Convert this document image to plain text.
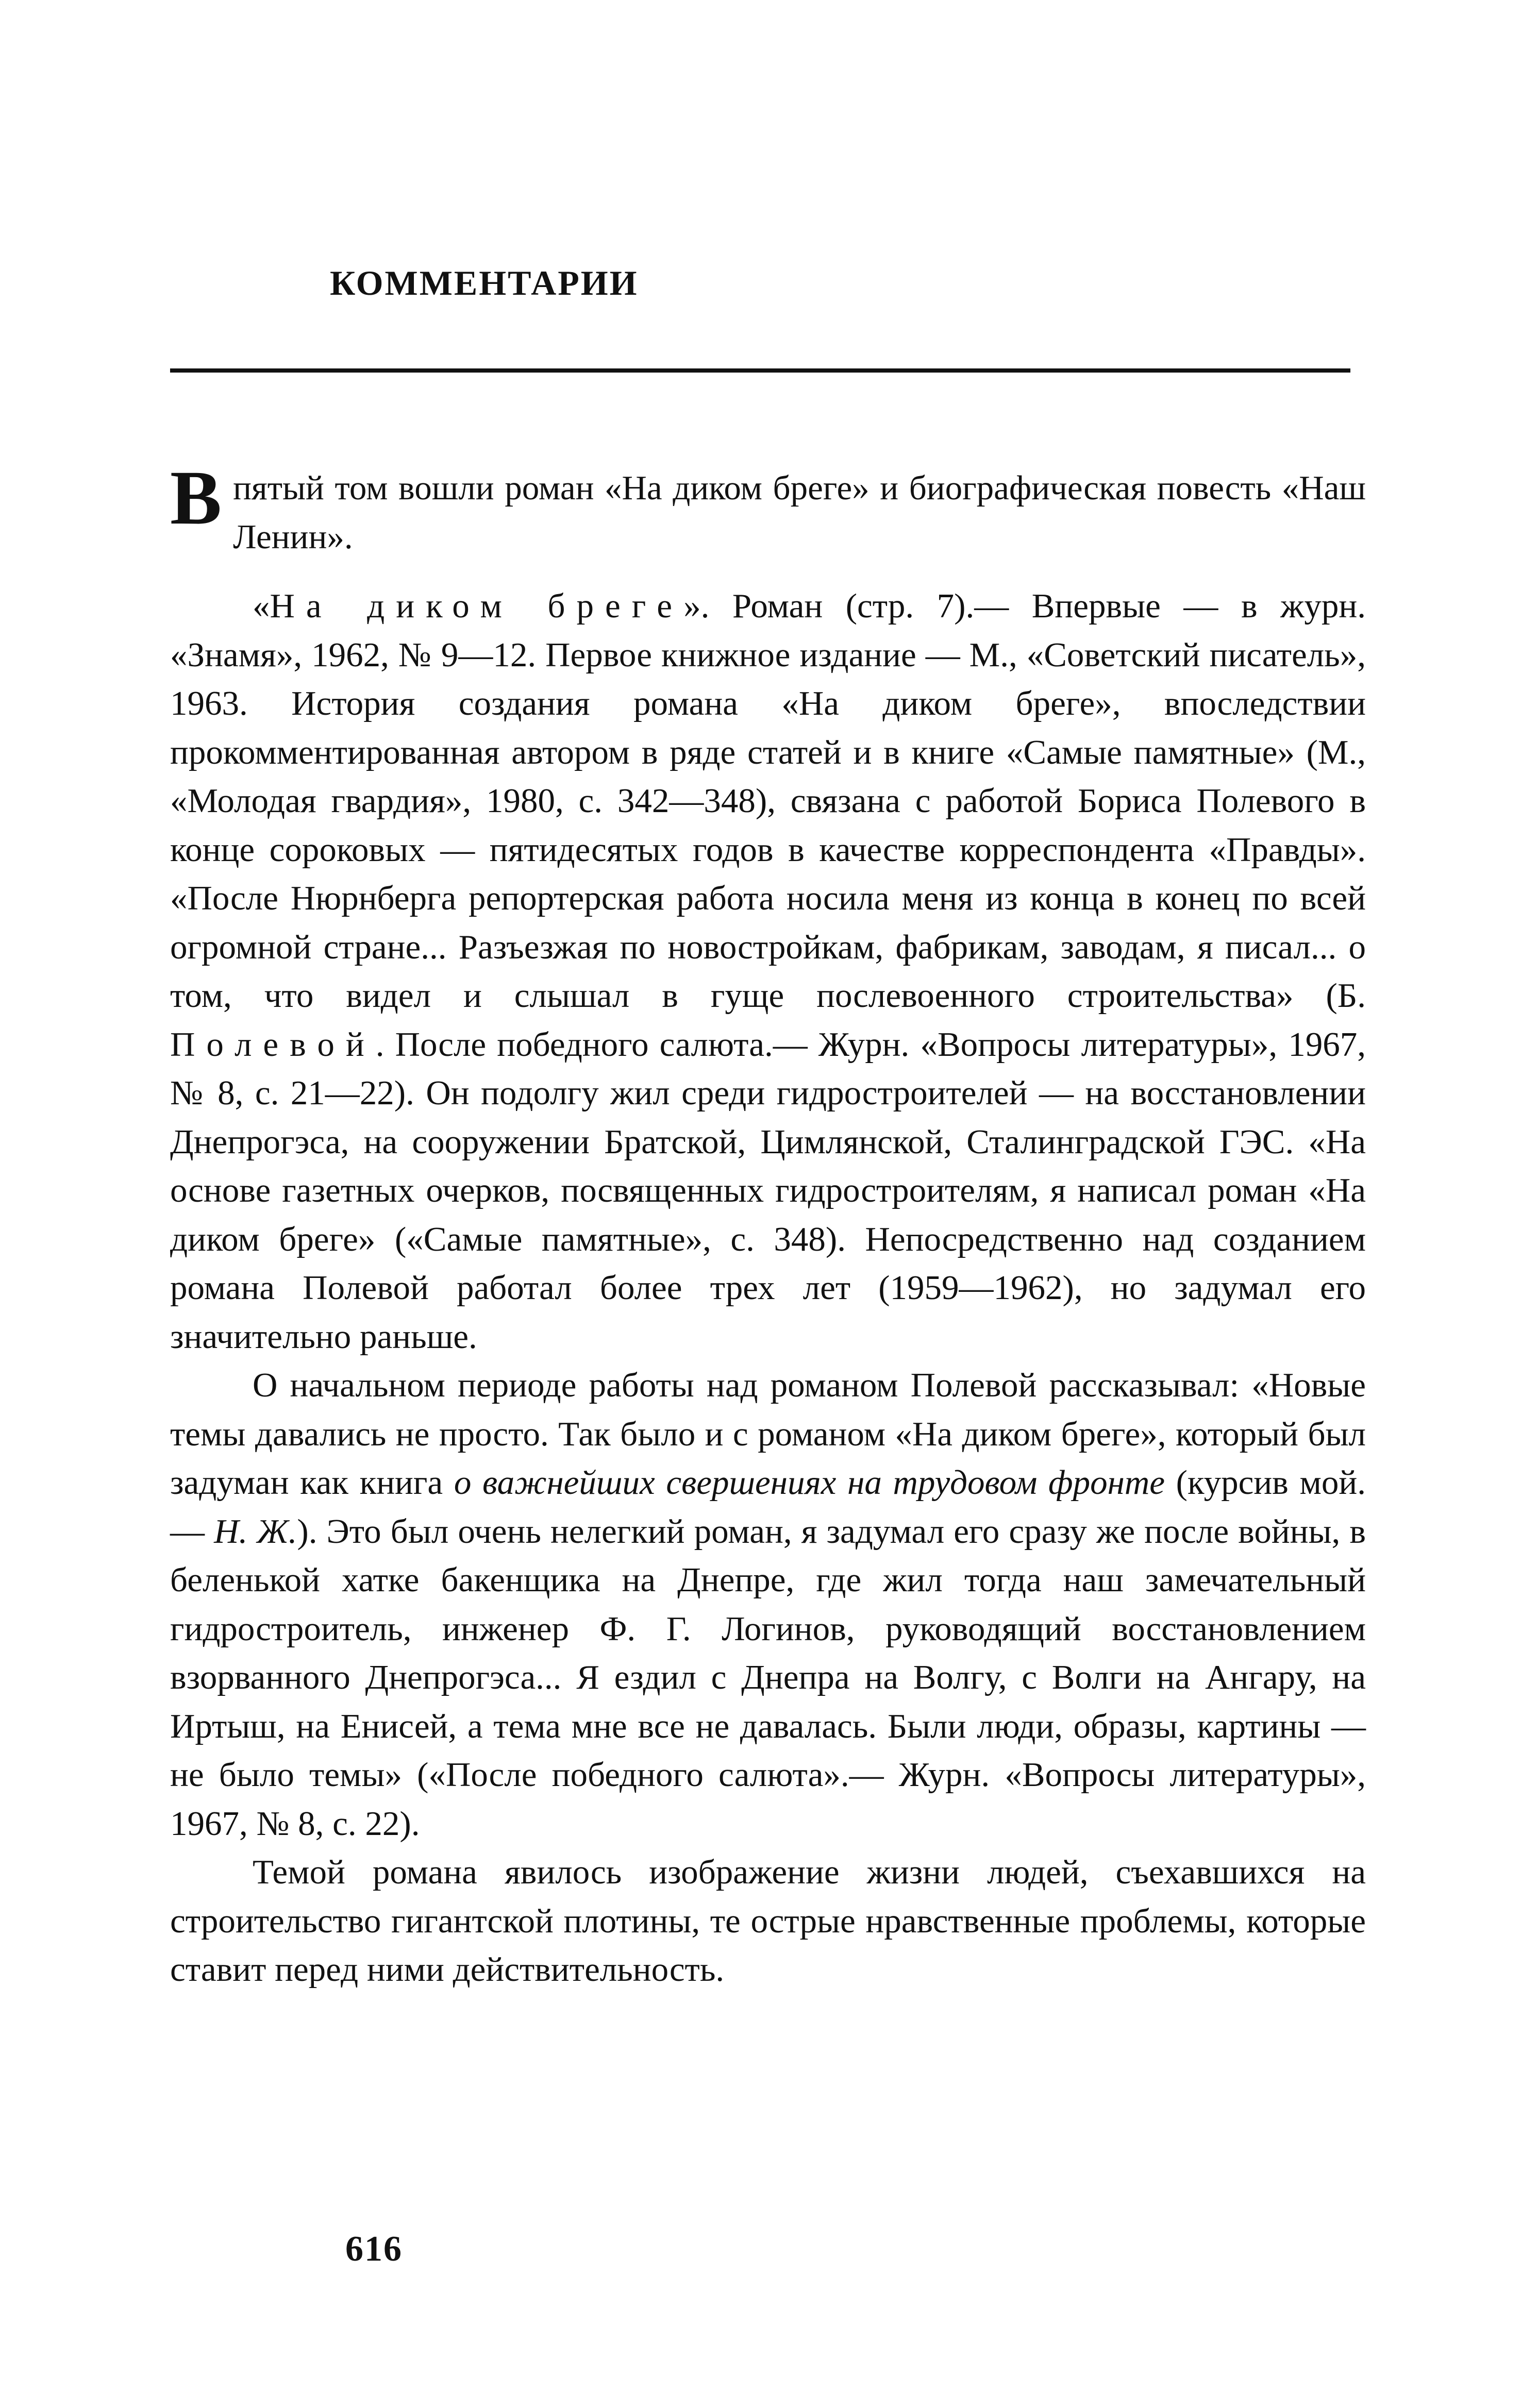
КОММЕНТАРИИ

В пятый том вошли роман «На диком бреге» и биографическая повесть «Наш Ленин».

«На диком бреге». Роман (стр. 7).— Впервые — в журн. «Знамя», 1962, № 9—12. Первое книжное издание — М., «Советский писатель», 1963. История создания романа «На диком бреге», впоследствии прокомментированная автором в ряде статей и в книге «Самые памятные» (М., «Молодая гвардия», 1980, с. 342—348), связана с работой Бориса Полевого в конце сороковых — пятидесятых годов в качестве корреспондента «Правды». «После Нюрнберга репортерская работа носила меня из конца в конец по всей огромной стране... Разъезжая по новостройкам, фабрикам, заводам, я писал... о том, что видел и слышал в гуще послевоенного строительства» (Б. Полевой. После победного салюта.— Журн. «Вопросы литературы», 1967, № 8, с. 21—22). Он подолгу жил среди гидростроителей — на восстановлении Днепрогэса, на сооружении Братской, Цимлянской, Сталинградской ГЭС. «На основе газетных очерков, посвященных гидростроителям, я написал роман «На диком бреге» («Самые памятные», с. 348). Непосредственно над созданием романа Полевой работал более трех лет (1959—1962), но задумал его значительно раньше.

О начальном периоде работы над романом Полевой рассказывал: «Новые темы давались не просто. Так было и с романом «На диком бреге», который был задуман как книга о важнейших свершениях на трудовом фронте (курсив мой.— Н. Ж.). Это был очень нелегкий роман, я задумал его сразу же после войны, в беленькой хатке бакенщика на Днепре, где жил тогда наш замечательный гидростроитель, инженер Ф. Г. Логинов, руководящий восстановлением взорванного Днепрогэса... Я ездил с Днепра на Волгу, с Волги на Ангару, на Иртыш, на Енисей, а тема мне все не давалась. Были люди, образы, картины — не было темы» («После победного салюта».— Журн. «Вопросы литературы», 1967, № 8, с. 22).

Темой романа явилось изображение жизни людей, съехавшихся на строительство гигантской плотины, те острые нравственные проблемы, которые ставит перед ними действительность.

616
